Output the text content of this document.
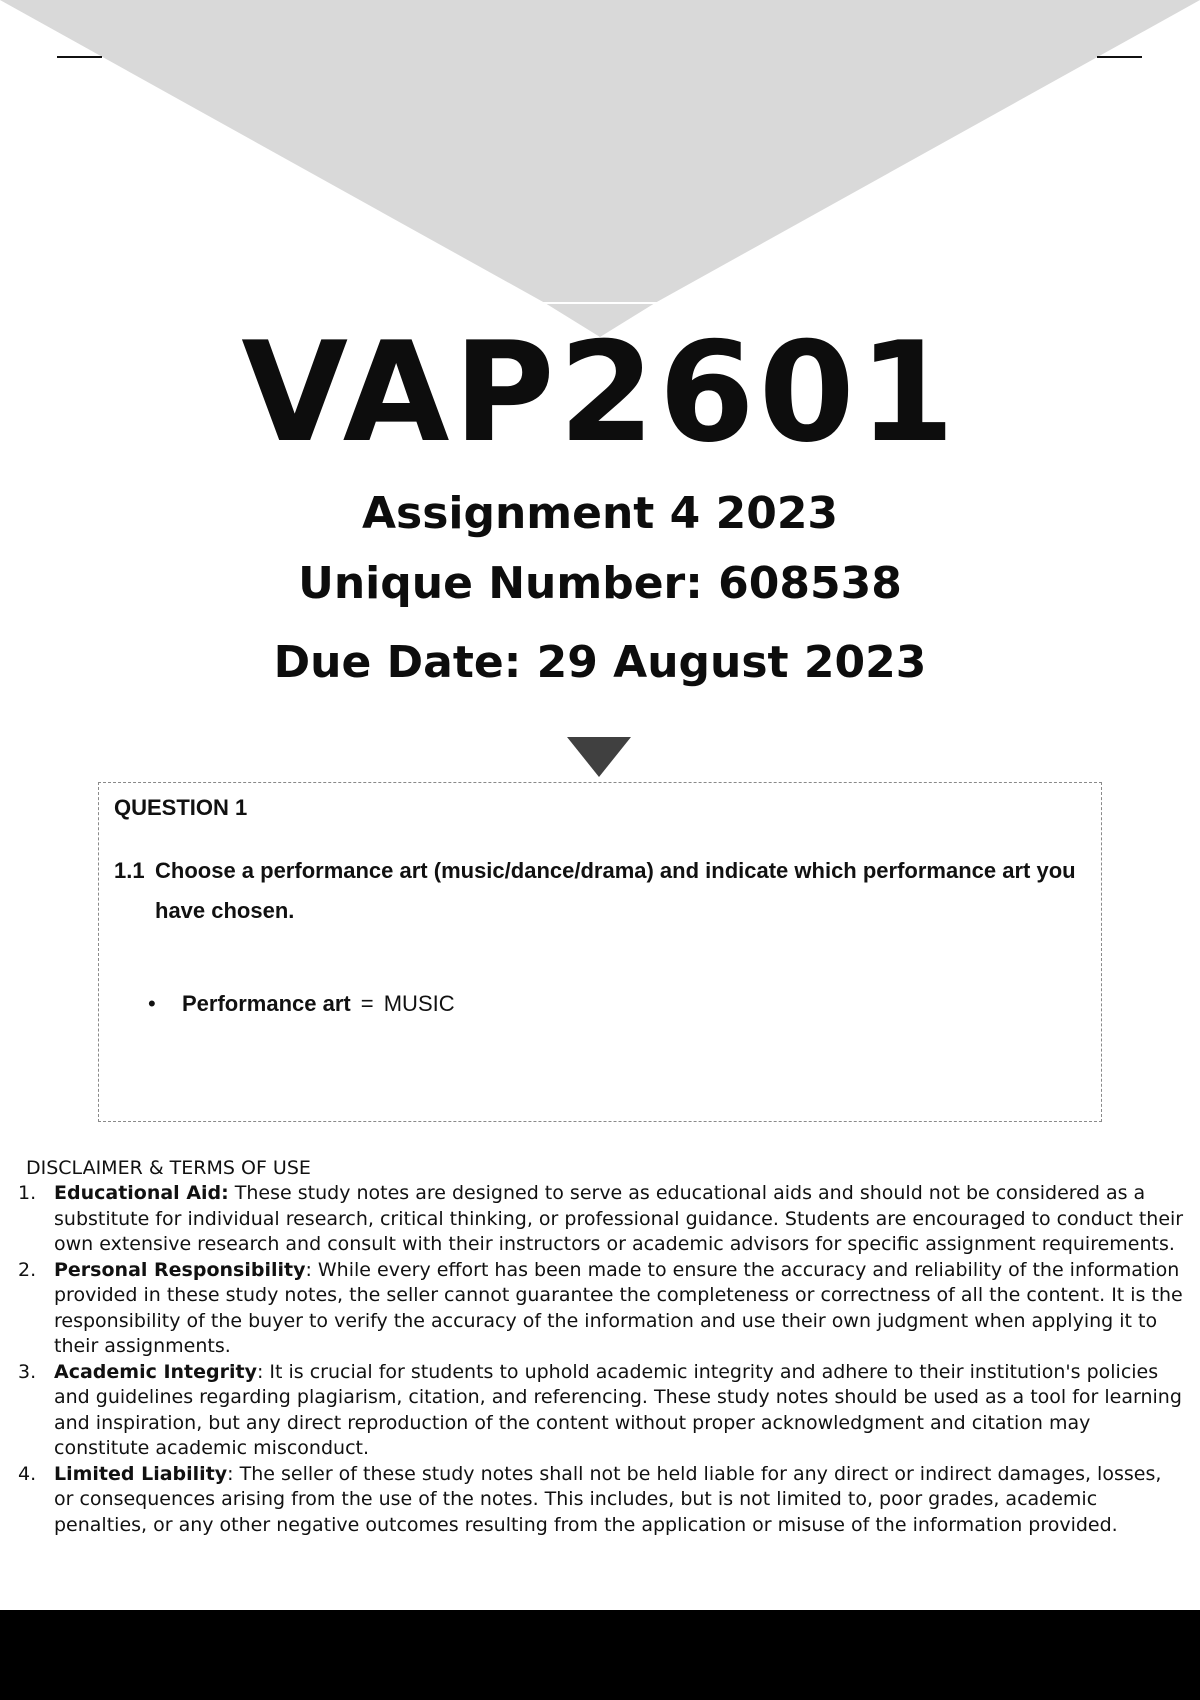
VAP2601
Assignment 4 2023
Unique Number: 608538
Due Date: 29 August 2023
QUESTION 1
1.1 Choose a performance art (music/dance/drama) and indicate which performance art you have chosen.
• Performance art = MUSIC
DISCLAIMER & TERMS OF USE
1. Educational Aid: These study notes are designed to serve as educational aids and should not be considered as a substitute for individual research, critical thinking, or professional guidance. Students are encouraged to conduct their own extensive research and consult with their instructors or academic advisors for specific assignment requirements.
2. Personal Responsibility: While every effort has been made to ensure the accuracy and reliability of the information provided in these study notes, the seller cannot guarantee the completeness or correctness of all the content. It is the responsibility of the buyer to verify the accuracy of the information and use their own judgment when applying it to their assignments.
3. Academic Integrity: It is crucial for students to uphold academic integrity and adhere to their institution's policies and guidelines regarding plagiarism, citation, and referencing. These study notes should be used as a tool for learning and inspiration, but any direct reproduction of the content without proper acknowledgment and citation may constitute academic misconduct.
4. Limited Liability: The seller of these study notes shall not be held liable for any direct or indirect damages, losses, or consequences arising from the use of the notes. This includes, but is not limited to, poor grades, academic penalties, or any other negative outcomes resulting from the application or misuse of the information provided.
